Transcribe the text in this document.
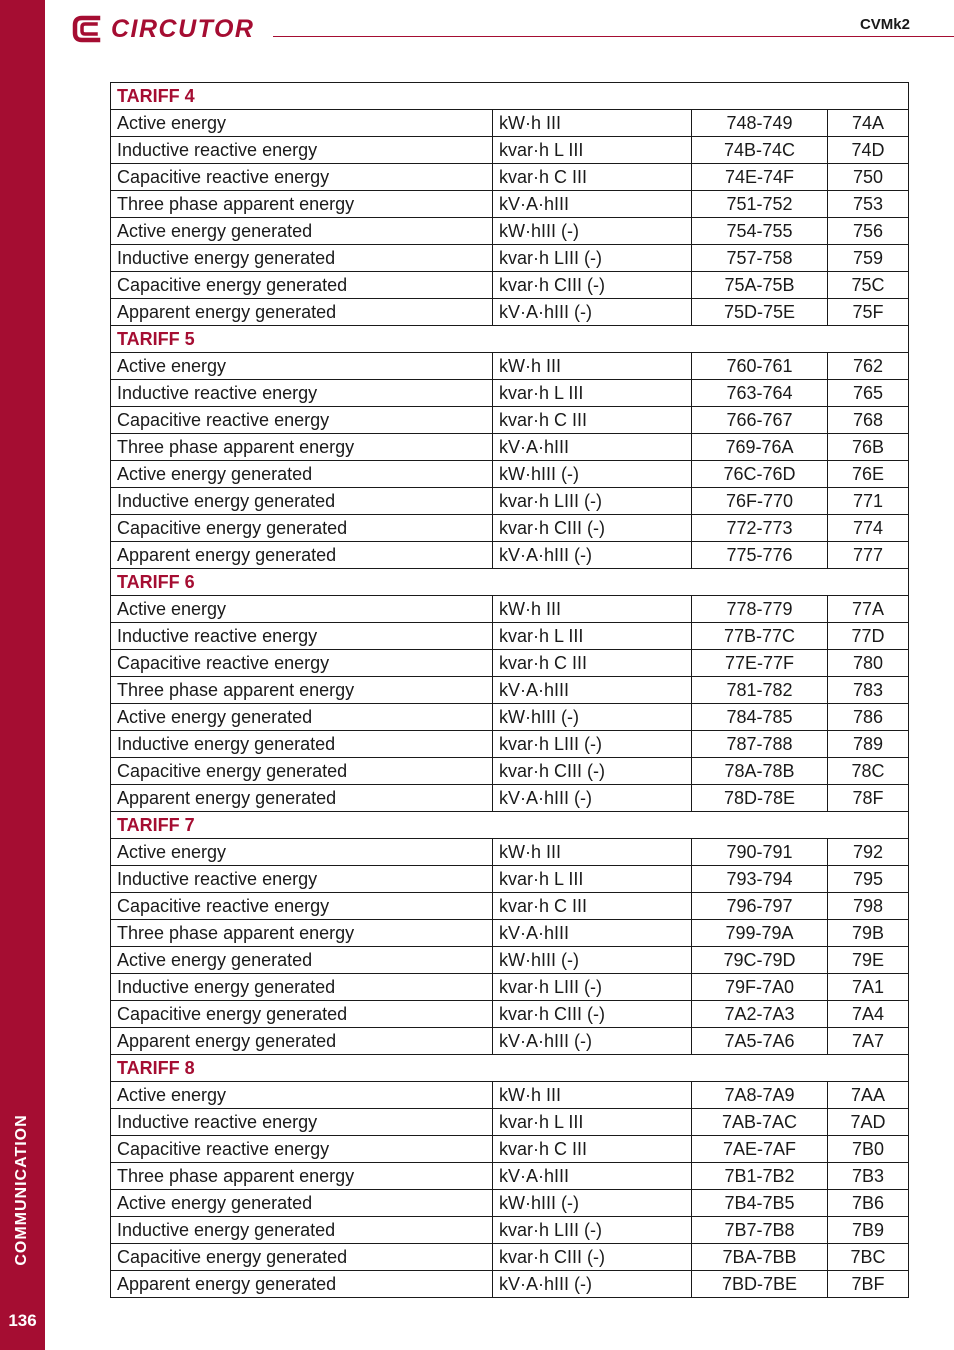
COMMUNICATION
136
CIRCUTOR	CVMk2
TARIFF 4			
Active energy	kW·h III	748-749	74A
Inductive reactive energy	kvar·h L III	74B-74C	74D
Capacitive reactive energy	kvar·h C III	74E-74F	750
Three phase apparent energy	kV·A·hIII	751-752	753
Active energy generated	kW·hIII (-)	754-755	756
Inductive energy generated	kvar·h LIII (-)	757-758	759
Capacitive energy generated	kvar·h CIII (-)	75A-75B	75C
Apparent energy generated	kV·A·hIII (-)	75D-75E	75F
TARIFF 5			
Active energy	kW·h III	760-761	762
Inductive reactive energy	kvar·h L III	763-764	765
Capacitive reactive energy	kvar·h C III	766-767	768
Three phase apparent energy	kV·A·hIII	769-76A	76B
Active energy generated	kW·hIII (-)	76C-76D	76E
Inductive energy generated	kvar·h LIII (-)	76F-770	771
Capacitive energy generated	kvar·h CIII (-)	772-773	774
Apparent energy generated	kV·A·hIII (-)	775-776	777
TARIFF 6			
Active energy	kW·h III	778-779	77A
Inductive reactive energy	kvar·h L III	77B-77C	77D
Capacitive reactive energy	kvar·h C III	77E-77F	780
Three phase apparent energy	kV·A·hIII	781-782	783
Active energy generated	kW·hIII (-)	784-785	786
Inductive energy generated	kvar·h LIII (-)	787-788	789
Capacitive energy generated	kvar·h CIII (-)	78A-78B	78C
Apparent energy generated	kV·A·hIII (-)	78D-78E	78F
TARIFF 7			
Active energy	kW·h III	790-791	792
Inductive reactive energy	kvar·h L III	793-794	795
Capacitive reactive energy	kvar·h C III	796-797	798
Three phase apparent energy	kV·A·hIII	799-79A	79B
Active energy generated	kW·hIII (-)	79C-79D	79E
Inductive energy generated	kvar·h LIII (-)	79F-7A0	7A1
Capacitive energy generated	kvar·h CIII (-)	7A2-7A3	7A4
Apparent energy generated	kV·A·hIII (-)	7A5-7A6	7A7
TARIFF 8			
Active energy	kW·h III	7A8-7A9	7AA
Inductive reactive energy	kvar·h L III	7AB-7AC	7AD
Capacitive reactive energy	kvar·h C III	7AE-7AF	7B0
Three phase apparent energy	kV·A·hIII	7B1-7B2	7B3
Active energy generated	kW·hIII (-)	7B4-7B5	7B6
Inductive energy generated	kvar·h LIII (-)	7B7-7B8	7B9
Capacitive energy generated	kvar·h CIII (-)	7BA-7BB	7BC
Apparent energy generated	kV·A·hIII (-)	7BD-7BE	7BF
